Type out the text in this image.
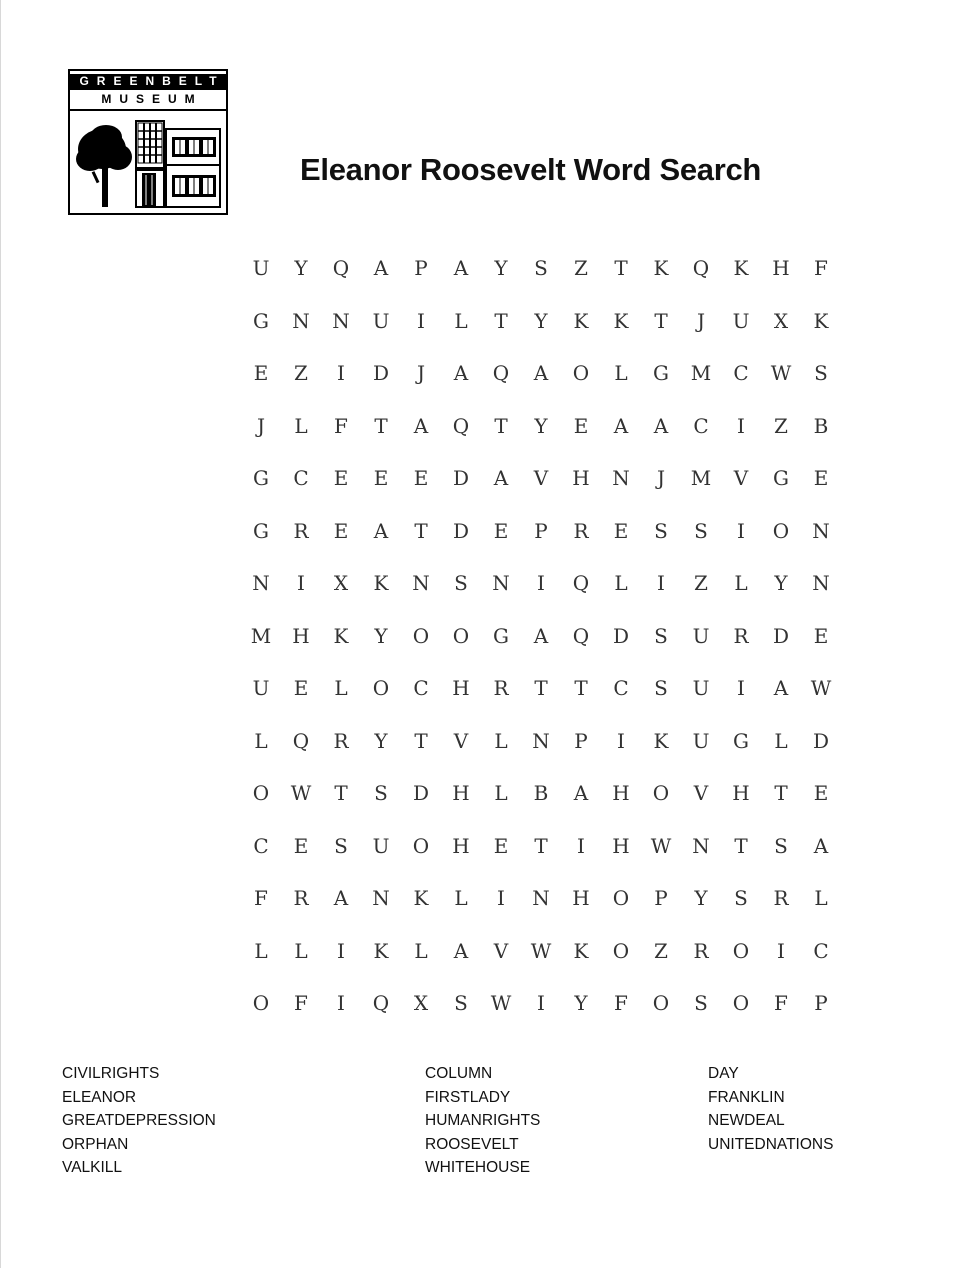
GREENBELT
MUSEUM
Eleanor Roosevelt Word Search
U	Y	Q	A	P	A	Y	S	Z	T	K	Q	K	H	F
G	N	N	U	I	L	T	Y	K	K	T	J	U	X	K
E	Z	I	D	J	A	Q	A	O	L	G	M	C	W	S
J	L	F	T	A	Q	T	Y	E	A	A	C	I	Z	B
G	C	E	E	E	D	A	V	H	N	J	M	V	G	E
G	R	E	A	T	D	E	P	R	E	S	S	I	O	N
N	I	X	K	N	S	N	I	Q	L	I	Z	L	Y	N
M	H	K	Y	O	O	G	A	Q	D	S	U	R	D	E
U	E	L	O	C	H	R	T	T	C	S	U	I	A	W
L	Q	R	Y	T	V	L	N	P	I	K	U	G	L	D
O	W	T	S	D	H	L	B	A	H	O	V	H	T	E
C	E	S	U	O	H	E	T	I	H	W	N	T	S	A
F	R	A	N	K	L	I	N	H	O	P	Y	S	R	L
L	L	I	K	L	A	V	W	K	O	Z	R	O	I	C
O	F	I	Q	X	S	W	I	Y	F	O	S	O	F	P
CIVILRIGHTS
ELEANOR
GREATDEPRESSION
ORPHAN
VALKILL
COLUMN
FIRSTLADY
HUMANRIGHTS
ROOSEVELT
WHITEHOUSE
DAY
FRANKLIN
NEWDEAL
UNITEDNATIONS
